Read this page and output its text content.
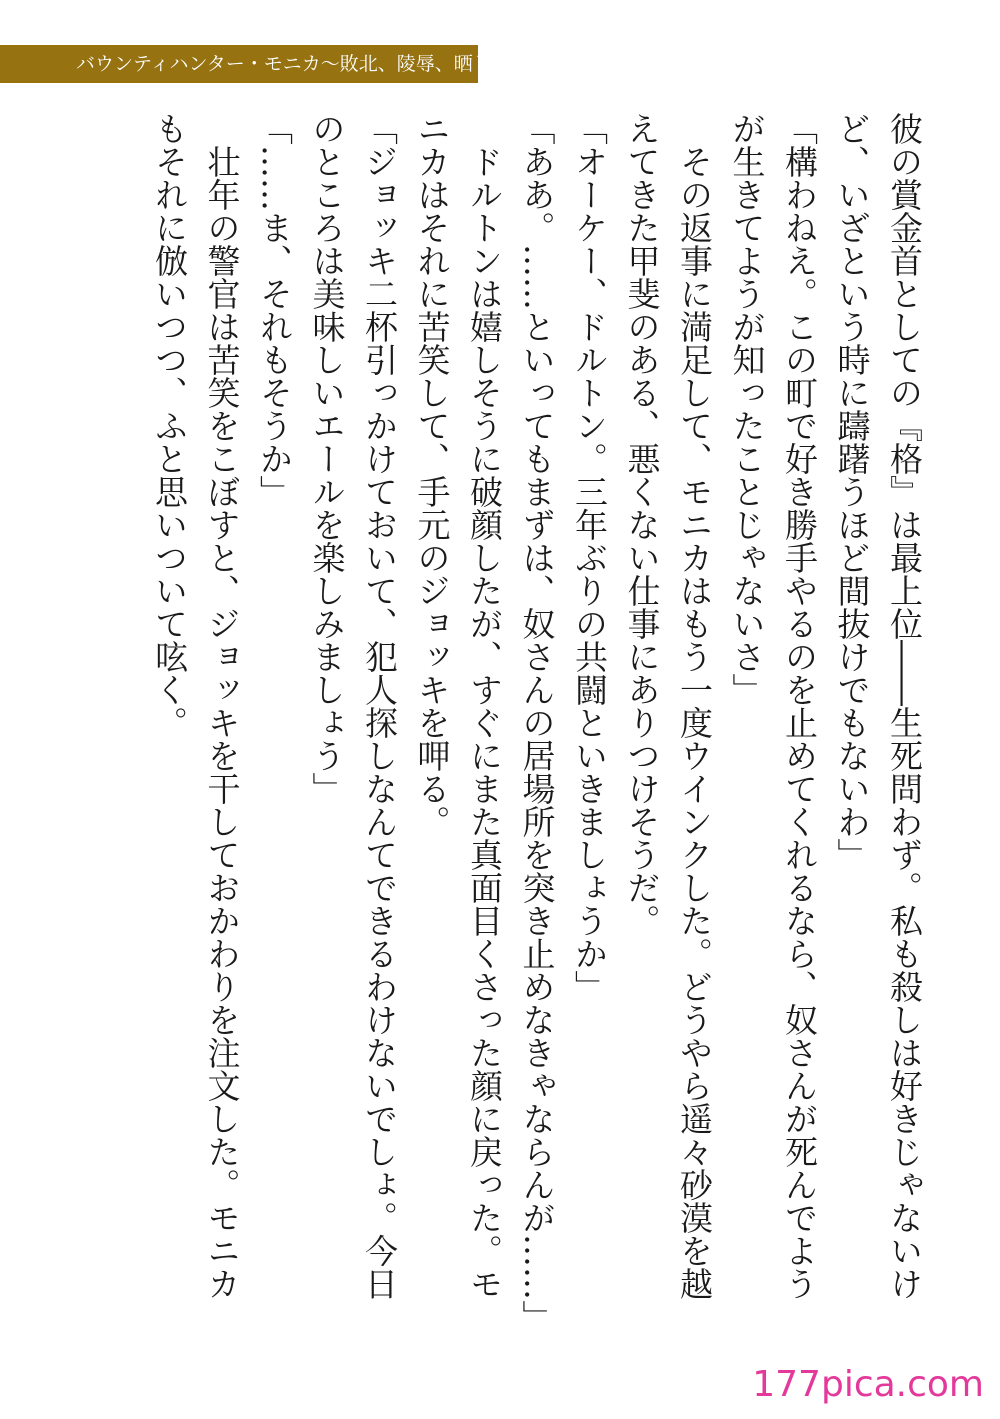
バウンティハンター・モニカ～敗北、陵辱、晒し者～

彼の賞金首としての『格』は最上位――生死問わず。私も殺しは好きじゃないけ

ど、いざという時に躊躇うほど間抜けでもないわ」

「構わねえ。この町で好き勝手やるのを止めてくれるなら、奴さんが死んでよう

が生きてようが知ったことじゃないさ」

その返事に満足して、モニカはもう一度ウインクした。どうやら遥々砂漠を越

えてきた甲斐のある、悪くない仕事にありつけそうだ。

「オーケー、ドルトン。三年ぶりの共闘といきましょうか」

「ああ。……といってもまずは、奴さんの居場所を突き止めなきゃならんが……」

ドルトンは嬉しそうに破顔したが、すぐにまた真面目くさった顔に戻った。モ

ニカはそれに苦笑して、手元のジョッキを呷る。

「ジョッキ二杯引っかけておいて、犯人探しなんてできるわけないでしょ。今日

のところは美味しいエールを楽しみましょう」

「……ま、それもそうか」

壮年の警官は苦笑をこぼすと、ジョッキを干しておかわりを注文した。モニカ

もそれに倣いつつ、ふと思いついて呟く。

177pica.com
